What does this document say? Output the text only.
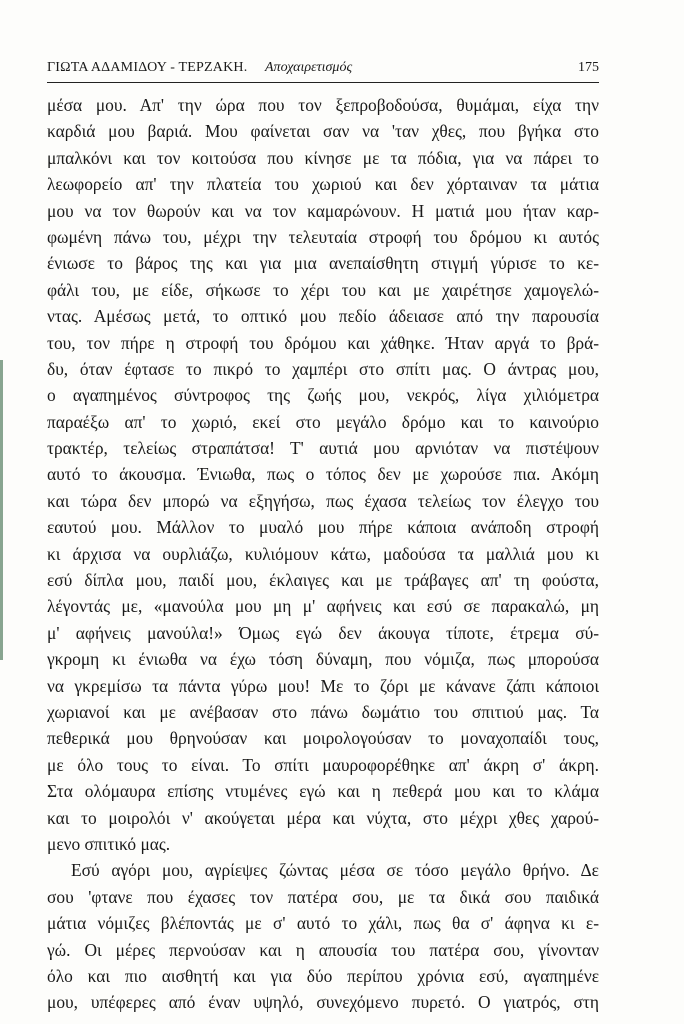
ΓΙΩΤΑ ΑΔΑΜΙΔΟΥ - ΤΕΡΖΑΚΗ. Αποχαιρετισμός	175
μέσα μου. Απ' την ώρα που τον ξεπροβοδούσα, θυμάμαι, είχα την
καρδιά μου βαριά. Μου φαίνεται σαν να 'ταν χθες, που βγήκα στο
μπαλκόνι και τον κοιτούσα που κίνησε με τα πόδια, για να πάρει το
λεωφορείο απ' την πλατεία του χωριού και δεν χόρταιναν τα μάτια
μου να τον θωρούν και να τον καμαρώνουν. Η ματιά μου ήταν καρ-
φωμένη πάνω του, μέχρι την τελευταία στροφή του δρόμου κι αυτός
ένιωσε το βάρος της και για μια ανεπαίσθητη στιγμή γύρισε το κε-
φάλι του, με είδε, σήκωσε το χέρι του και με χαιρέτησε χαμογελώ-
ντας. Αμέσως μετά, το οπτικό μου πεδίο άδειασε από την παρουσία
του, τον πήρε η στροφή του δρόμου και χάθηκε. Ήταν αργά το βρά-
δυ, όταν έφτασε το πικρό το χαμπέρι στο σπίτι μας. Ο άντρας μου,
ο αγαπημένος σύντροφος της ζωής μου, νεκρός, λίγα χιλιόμετρα
παραέξω απ' το χωριό, εκεί στο μεγάλο δρόμο και το καινούριο
τρακτέρ, τελείως στραπάτσα! Τ' αυτιά μου αρνιόταν να πιστέψουν
αυτό το άκουσμα. Ένιωθα, πως ο τόπος δεν με χωρούσε πια. Ακόμη
και τώρα δεν μπορώ να εξηγήσω, πως έχασα τελείως τον έλεγχο του
εαυτού μου. Μάλλον το μυαλό μου πήρε κάποια ανάποδη στροφή
κι άρχισα να ουρλιάζω, κυλιόμουν κάτω, μαδούσα τα μαλλιά μου κι
εσύ δίπλα μου, παιδί μου, έκλαιγες και με τράβαγες απ' τη φούστα,
λέγοντάς με, «μανούλα μου μη μ' αφήνεις και εσύ σε παρακαλώ, μη
μ' αφήνεις μανούλα!» Όμως εγώ δεν άκουγα τίποτε, έτρεμα σύ-
γκρομη κι ένιωθα να έχω τόση δύναμη, που νόμιζα, πως μπορούσα
να γκρεμίσω τα πάντα γύρω μου! Με το ζόρι με κάνανε ζάπι κάποιοι
χωριανοί και με ανέβασαν στο πάνω δωμάτιο του σπιτιού μας. Τα
πεθερικά μου θρηνούσαν και μοιρολογούσαν το μοναχοπαίδι τους,
με όλο τους το είναι. Το σπίτι μαυροφορέθηκε απ' άκρη σ' άκρη.
Στα ολόμαυρα επίσης ντυμένες εγώ και η πεθερά μου και το κλάμα
και το μοιρολόι ν' ακούγεται μέρα και νύχτα, στο μέχρι χθες χαρού-
μενο σπιτικό μας.
Εσύ αγόρι μου, αγρίεψες ζώντας μέσα σε τόσο μεγάλο θρήνο. Δε
σου 'φτανε που έχασες τον πατέρα σου, με τα δικά σου παιδικά
μάτια νόμιζες βλέποντάς με σ' αυτό το χάλι, πως θα σ' άφηνα κι ε-
γώ. Οι μέρες περνούσαν και η απουσία του πατέρα σου, γίνονταν
όλο και πιο αισθητή και για δύο περίπου χρόνια εσύ, αγαπημένε
μου, υπέφερες από έναν υψηλό, συνεχόμενο πυρετό. Ο γιατρός, στη
